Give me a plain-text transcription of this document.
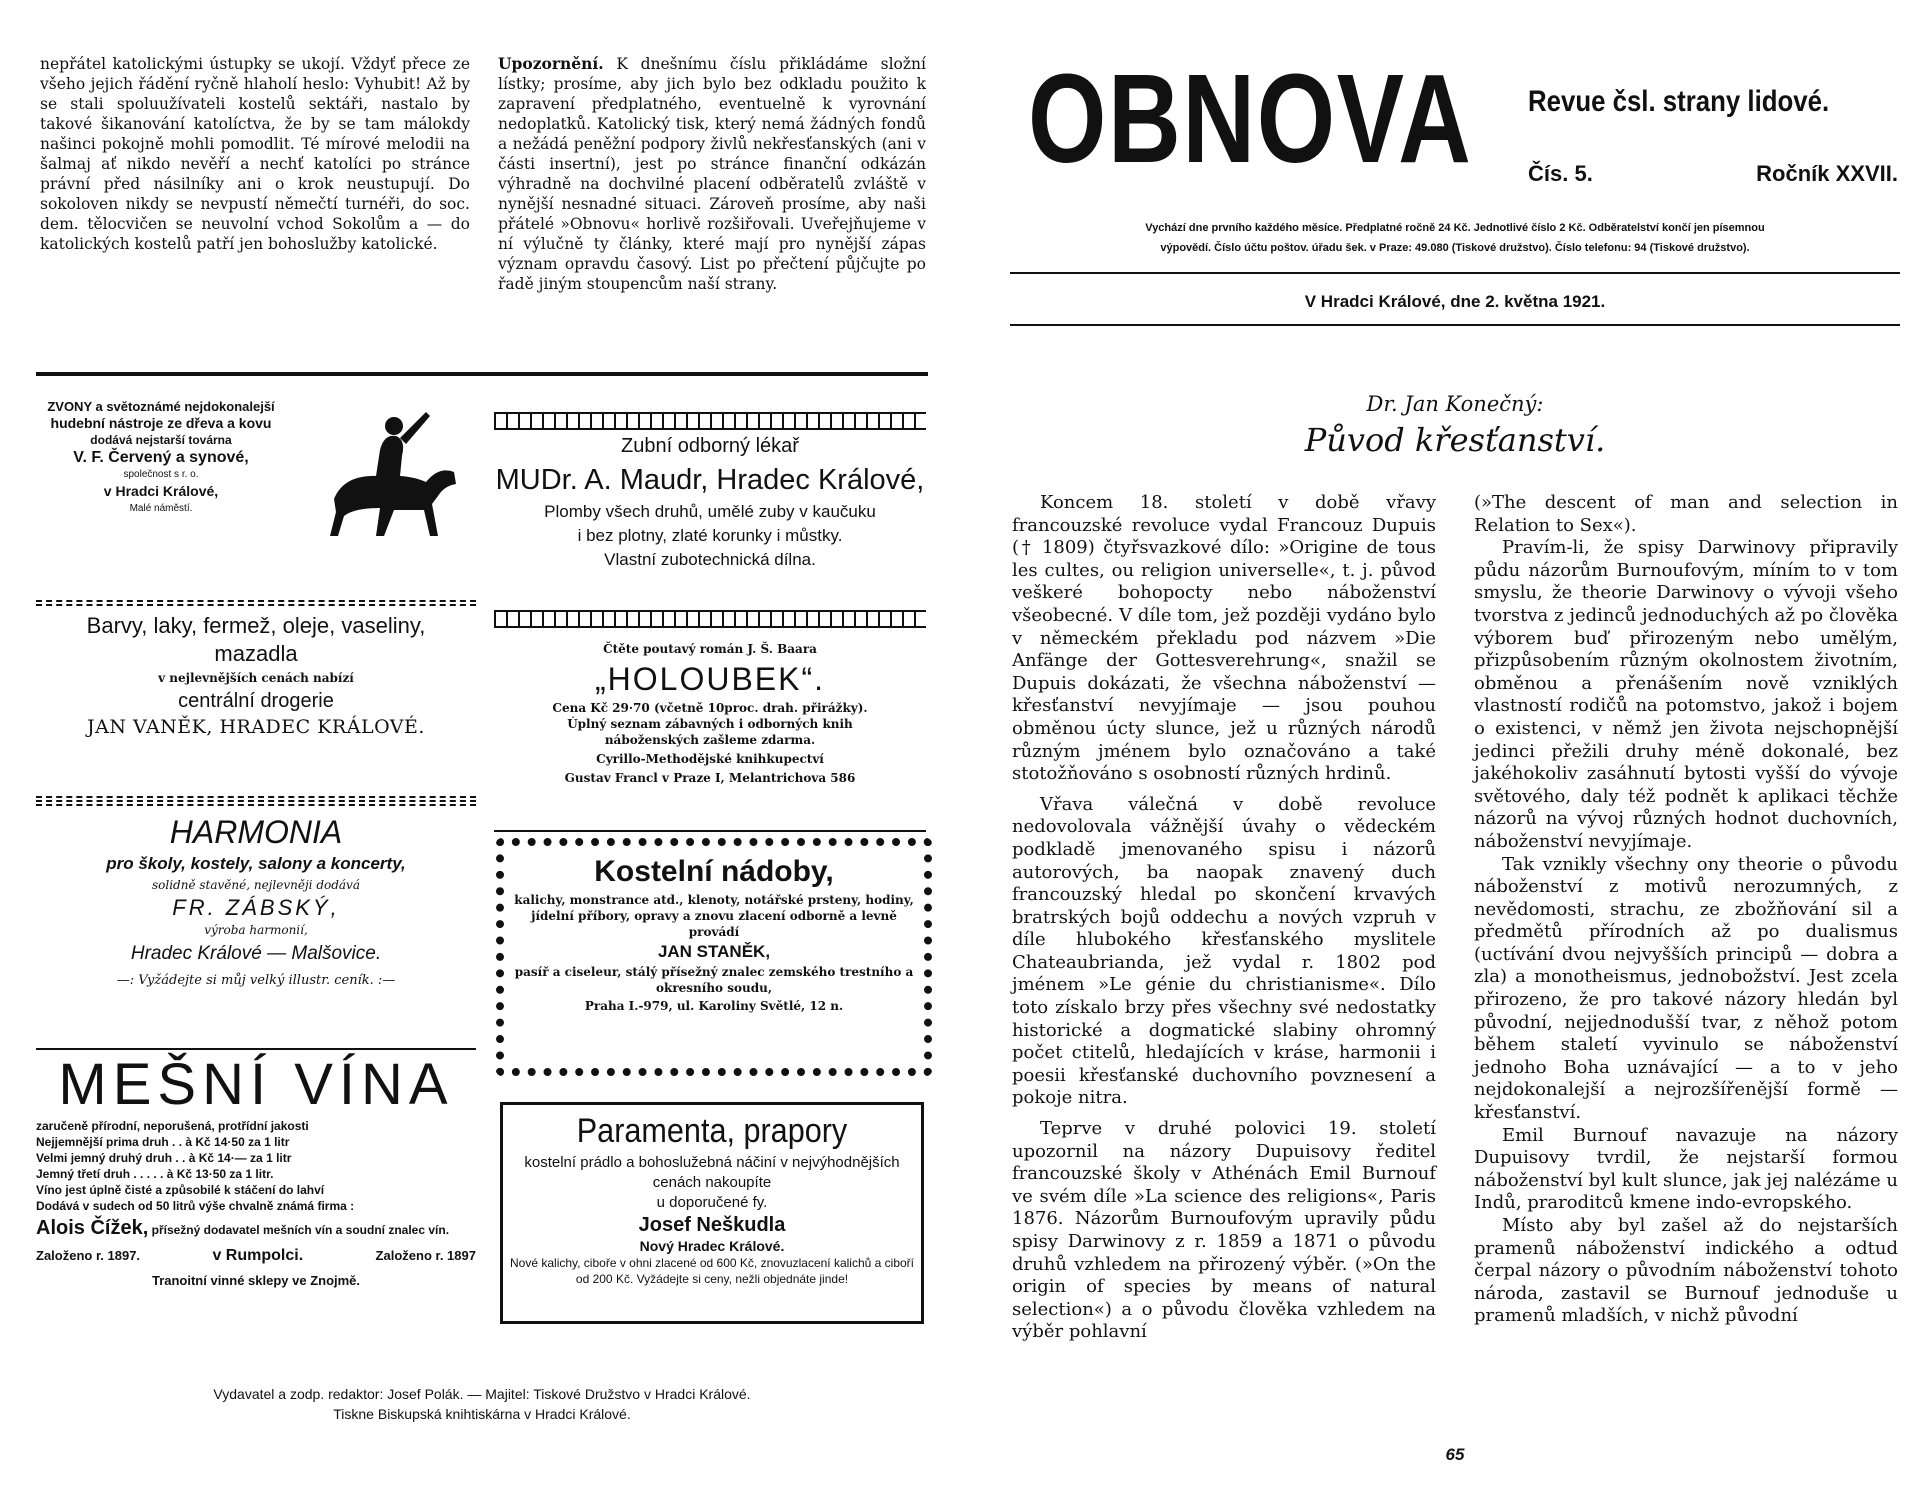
nepřátel katolickými ústupky se ukojí. Vždyť přece ze všeho jejich řádění ryčně hlaholí heslo: Vyhubit! Až by se stali spoluužívateli kostelů sektáři, nastalo by takové šikanování katolíctva, že by se tam málokdy našinci pokojně mohli pomodlit. Té mírové melodii na šalmaj ať nikdo nevěří a nechť katolíci po stránce právní před násilníky ani o krok neustupují. Do sokoloven nikdy se nevpustí němečtí turnéři, do soc. dem. tělocvičen se neuvolní vchod Sokolům a — do katolických kostelů patří jen bohoslužby katolické.

Upozornění. K dnešnímu číslu přikládáme složní lístky; prosíme, aby jich bylo bez odkladu použito k zapravení předplatného, eventuelně k vyrovnání nedoplatků. Katolický tisk, který nemá žádných fondů a nežádá peněžní podpory živlů nekřesťanských (ani v části insertní), jest po stránce finanční odkázán výhradně na dochvilné placení odběratelů zvláště v nynější nesnadné situaci. Zároveň prosíme, aby naši přátelé »Obnovu« horlivě rozšiřovali. Uveřejňujeme v ní výlučně ty články, které mají pro nynější zápas význam opravdu časový. List po přečtení půjčujte po řadě jiným stoupencům naší strany.

ZVONY a světoznámé nejdokonalejší
hudební nástroje ze dřeva a kovu
dodává nejstarší továrna
V. F. Červený a synové,
společnost s r. o.
v Hradci Králové,
Malé náměstí.
Barvy, laky, fermež, oleje, vaseliny,
mazadla
v nejlevnějších cenách nabízí
centrální drogerie
JAN VANĚK, HRADEC KRÁLOVÉ.
HARMONIA
pro školy, kostely, salony a koncerty,
solidně stavěné, nejlevněji dodává
FR. ZÁBSKÝ,
výroba harmonií,
Hradec Králové — Malšovice.
—: Vyžádejte si můj velký illustr. ceník. :—
MEŠNÍ VÍNA
zaručeně přírodní, neporušená, protřídní jakosti
Nejjemnější prima druh . . à Kč 14·50 za 1 litr
Velmi jemný druhý druh . . à Kč 14·— za 1 litr
Jemný třetí druh . . . . . à Kč 13·50 za 1 litr.
Víno jest úplně čisté a způsobilé k stáčení do lahví
Dodává v sudech od 50 litrů výše chvalně známá firma :
Alois Čížek, přísežný dodavatel mešních vín a soudní znalec vín.
Založeno r. 1897.	v Rumpolci.	Založeno r. 1897
Tranoitní vinné sklepy ve Znojmě.
Zubní odborný lékař
MUDr. A. Maudr, Hradec Králové,
Plomby všech druhů, umělé zuby v kaučuku
i bez plotny, zlaté korunky i můstky.
Vlastní zubotechnická dílna.
Čtěte poutavý román J. Š. Baara
„HOLOUBEK“.
Cena Kč 29·70 (včetně 10proc. drah. přirážky).
Úplný seznam zábavných i odborných knih náboženských zašleme zdarma.
Cyrillo-Methodějské knihkupectví
Gustav Francl v Praze I, Melantrichova 586
Kostelní nádoby,
kalichy, monstrance atd., klenoty, notářské prsteny, hodiny, jídelní příbory, opravy a znovu zlacení odborně a levně provádí
JAN STANĚK,
pasíř a ciseleur, stálý přísežný znalec zemského trestního a okresního soudu,
Praha I.-979, ul. Karoliny Světlé, 12 n.
Paramenta, prapory
kostelní prádlo a bohoslužebná náčiní v nejvýhodnějších cenách nakoupíte
u doporučené fy.
Josef Neškudla
Nový Hradec Králové.
Nové kalichy, ciboře v ohni zlacené od 600 Kč, znovuzlacení kalichů a ciboří od 200 Kč. Vyžádejte si ceny, nežli objednáte jinde!
Vydavatel a zodp. redaktor: Josef Polák. — Majitel: Tiskové Družstvo v Hradci Králové.
Tiskne Biskupská knihtiskárna v Hradci Králové.
OBNOVA Revue čsl. strany lidové.
Čís. 5.	Ročník XXVII.
Vychází dne prvního každého měsíce. Předplatné ročně 24 Kč. Jednotlivé číslo 2 Kč. Odběratelství končí jen písemnou
výpovědí. Číslo účtu poštov. úřadu šek. v Praze: 49.080 (Tiskové družstvo). Číslo telefonu: 94 (Tiskové družstvo).
V Hradci Králové, dne 2. května 1921.
Dr. Jan Konečný:
Původ křesťanství.

Koncem 18. století v době vřavy francouzské revoluce vydal Francouz Dupuis († 1809) čtyřsvazkové dílo: »Origine de tous les cultes, ou religion universelle«, t. j. původ veškeré bohopocty nebo náboženství všeobecné. V díle tom, jež později vydáno bylo v německém překladu pod názvem »Die Anfänge der Gottesverehrung«, snažil se Dupuis dokázati, že všechna náboženství — křesťanství nevyjímaje — jsou pouhou obměnou úcty slunce, jež u různých národů různým jménem bylo označováno a také stotožňováno s osobností různých hrdinů.

Vřava válečná v době revoluce nedovolovala vážnější úvahy o vědeckém podkladě jmenovaného spisu i názorů autorových, ba naopak znavený duch francouzský hledal po skončení krvavých bratrských bojů oddechu a nových vzpruh v díle hlubokého křesťanského myslitele Chateaubrianda, jež vydal r. 1802 pod jménem »Le génie du christianisme«. Dílo toto získalo brzy přes všechny své nedostatky historické a dogmatické slabiny ohromný počet ctitelů, hledajících v kráse, harmonii i poesii křesťanské duchovního povznesení a pokoje nitra.

Teprve v druhé polovici 19. století upozornil na názory Dupuisovy ředitel francouzské školy v Athénách Emil Burnouf ve svém díle »La science des religions«, Paris 1876. Názorům Burnoufovým upravily půdu spisy Darwinovy z r. 1859 a 1871 o původu druhů vzhledem na přirozený výběr. (»On the origin of species by means of natural selection«) a o původu člověka vzhledem na výběr pohlavní

(»The descent of man and selection in Relation to Sex«).

Pravím-li, že spisy Darwinovy připravily půdu názorům Burnoufovým, míním to v tom smyslu, že theorie Darwinovy o vývoji všeho tvorstva z jedinců jednoduchých až po člověka výborem buď přirozeným nebo umělým, přizpůsobením různým okolnostem životním, obměnou a přenášením nově vzniklých vlastností rodičů na potomstvo, jakož i bojem o existenci, v němž jen života nejschopnější jedinci přežili druhy méně dokonalé, bez jakéhokoliv zasáhnutí bytosti vyšší do vývoje světového, daly též podnět k aplikaci těchže názorů na vývoj různých hodnot duchovních, náboženství nevyjímaje.

Tak vznikly všechny ony theorie o původu náboženství z motivů nerozumných, z nevědomosti, strachu, ze zbožňování sil a předmětů přírodních až po dualismus (uctívání dvou nejvyšších principů — dobra a zla) a monotheismus, jednobožství. Jest zcela přirozeno, že pro takové názory hledán byl původní, nejjednodušší tvar, z něhož potom během staletí vyvinulo se náboženství jednoho Boha uznávající — a to v jeho nejdokonalejší a nejrozšířenější formě — křesťanství.

Emil Burnouf navazuje na názory Dupuisovy tvrdil, že nejstarší formou náboženství byl kult slunce, jak jej nalézáme u Indů, praroditců kmene indo-evropského.

Místo aby byl zašel až do nejstarších pramenů náboženství indického a odtud čerpal názory o původním náboženství tohoto národa, zastavil se Burnouf jednoduše u pramenů mladších, v nichž původní

65
